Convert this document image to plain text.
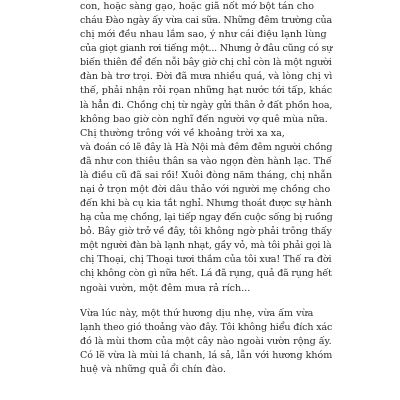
con, hoặc sàng gạo, hoặc giã nốt mớ bột tán cho
cháu Đào ngày ấy vừa cai sữa. Những đêm trường của
chị mới đều nhau lắm sao, ý như cái điệu lạnh lùng
của giọt gianh rơi tiếng một... Nhưng ở đâu cũng có sự
biến thiên để đến nỗi bây giờ chị chỉ còn là một người
đàn bà trơ trọi. Đời đã mưa nhiều quá, và lòng chị vì
thế, phải nhận rỏi rọan những hạt nước tới tấp, khác
là hẳn đi. Chồng chị từ ngày gửi thân ở đất phồn hoa,
không bao giờ còn nghĩ đến người vợ quê mùa nữa.
Chị thường trông với về khoảng trời xa xa,
và đoán có lẽ đây là Hà Nội mà đêm đêm người chồng
đã như con thiêu thân sa vào ngọn đèn hành lạc. Thế
là điều cũ đã sai rồi! Xuôi đòng năm tháng, chị nhẫn
nại ở trọn một đời dâu thảo với người mẹ chồng cho
đến khi bà cụ kia tắt nghỉ. Nhưng thoát được sự hành
hạ của mẹ chồng, lại tiếp ngay đến cuộc sống bị ruồng
bỏ. Bây giờ trở về đây, tôi không ngờ phải trông thấy
một người đàn bà lạnh nhạt, gầy vỏ, mà tôi phải gọi là
chị Thoại, chị Thoại tươi thắm của tôi xưa! Thế ra đời
chị không còn gì nữa hết. Lá đã rụng, quả đã rụng hết
ngoài vườn, một đêm mưa rả rích...
Vừa lúc này, một thứ hương dịu nhẹ, vừa ấm vừa
lạnh theo gió thoảng vào đây. Tôi không hiểu đích xác
đó là mùi thơm của một cây nào ngoài vườn rộng ấy.
Có lẽ vừa là mùi lá chanh, lá sả, lẫn với hương khóm
huệ và những quả ổi chín đào.
